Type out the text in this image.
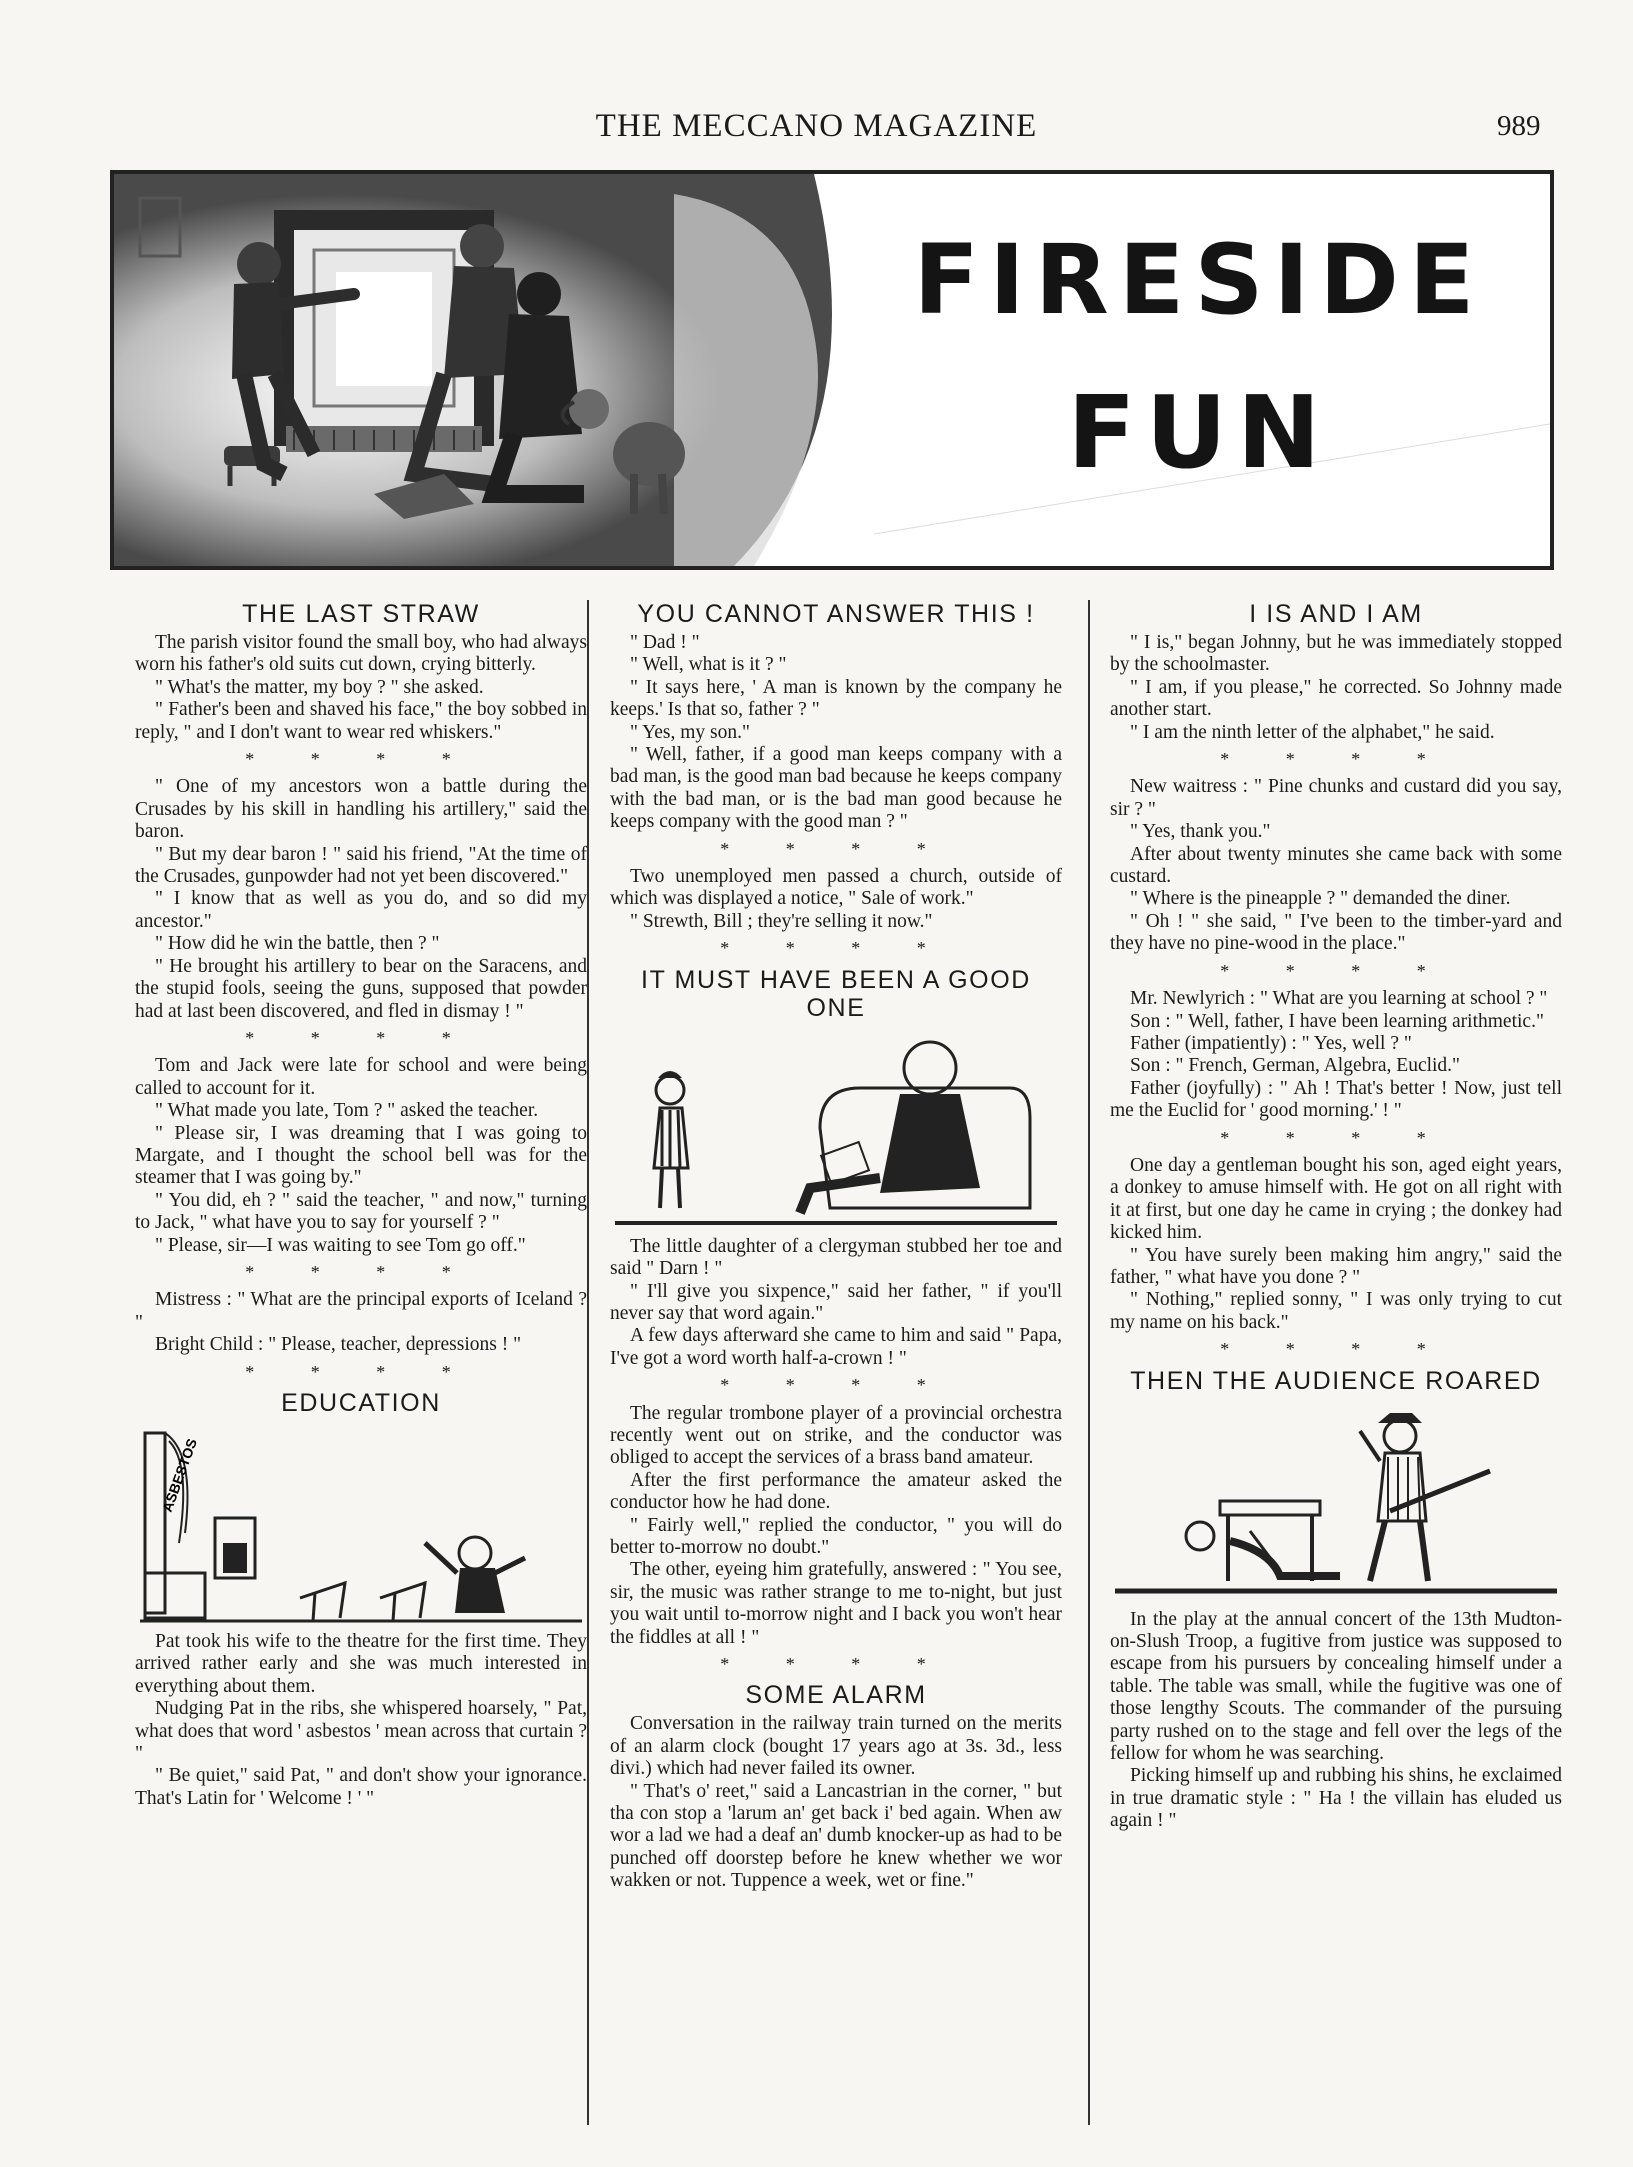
THE MECCANO MAGAZINE	989
FIRESIDE
FUN
THE LAST STRAW

The parish visitor found the small boy, who had always worn his father's old suits cut down, crying bitterly.

" What's the matter, my boy ? " she asked.

" Father's been and shaved his face," the boy sobbed in reply, " and I don't want to wear red whiskers."

* * * *

" One of my ancestors won a battle during the Crusades by his skill in handling his artillery," said the baron.

" But my dear baron ! " said his friend, "At the time of the Crusades, gunpowder had not yet been discovered."

" I know that as well as you do, and so did my ancestor."

" How did he win the battle, then ? "

" He brought his artillery to bear on the Saracens, and the stupid fools, seeing the guns, supposed that powder had at last been discovered, and fled in dismay ! "

* * * *

Tom and Jack were late for school and were being called to account for it.

" What made you late, Tom ? " asked the teacher.

" Please sir, I was dreaming that I was going to Margate, and I thought the school bell was for the steamer that I was going by."

" You did, eh ? " said the teacher, " and now," turning to Jack, " what have you to say for yourself ? "

" Please, sir—I was waiting to see Tom go off."

* * * *

Mistress : " What are the principal exports of Iceland ? "

Bright Child : " Please, teacher, depressions ! "

* * * *
EDUCATION
ASBESTOS

Pat took his wife to the theatre for the first time. They arrived rather early and she was much interested in everything about them.

Nudging Pat in the ribs, she whispered hoarsely, " Pat, what does that word ' asbestos ' mean across that curtain ? "

" Be quiet," said Pat, " and don't show your ignorance. That's Latin for ' Welcome ! ' "

YOU CANNOT ANSWER THIS !

" Dad ! "

" Well, what is it ? "

" It says here, ' A man is known by the company he keeps.' Is that so, father ? "

" Yes, my son."

" Well, father, if a good man keeps company with a bad man, is the good man bad because he keeps company with the bad man, or is the bad man good because he keeps company with the good man ? "

* * * *

Two unemployed men passed a church, outside of which was displayed a notice, " Sale of work."

" Strewth, Bill ; they're selling it now."

* * * *
IT MUST HAVE BEEN A GOOD ONE

The little daughter of a clergyman stubbed her toe and said " Darn ! "

" I'll give you sixpence," said her father, " if you'll never say that word again."

A few days afterward she came to him and said " Papa, I've got a word worth half-a-crown ! "

* * * *

The regular trombone player of a provincial orchestra recently went out on strike, and the conductor was obliged to accept the services of a brass band amateur.

After the first performance the amateur asked the conductor how he had done.

" Fairly well," replied the conductor, " you will do better to-morrow no doubt."

The other, eyeing him gratefully, answered : " You see, sir, the music was rather strange to me to-night, but just you wait until to-morrow night and I back you won't hear the fiddles at all ! "

* * * *
SOME ALARM

Conversation in the railway train turned on the merits of an alarm clock (bought 17 years ago at 3s. 3d., less divi.) which had never failed its owner.

" That's o' reet," said a Lancastrian in the corner, " but tha con stop a 'larum an' get back i' bed again. When aw wor a lad we had a deaf an' dumb knocker-up as had to be punched off doorstep before he knew whether we wor wakken or not. Tuppence a week, wet or fine."

I IS AND I AM

" I is," began Johnny, but he was immediately stopped by the schoolmaster.

" I am, if you please," he corrected. So Johnny made another start.

" I am the ninth letter of the alphabet," he said.

* * * *

New waitress : " Pine chunks and custard did you say, sir ? "

" Yes, thank you."

After about twenty minutes she came back with some custard.

" Where is the pineapple ? " demanded the diner.

" Oh ! " she said, " I've been to the timber-yard and they have no pine-wood in the place."

* * * *

Mr. Newlyrich : " What are you learning at school ? "

Son : " Well, father, I have been learning arithmetic."

Father (impatiently) : " Yes, well ? "

Son : " French, German, Algebra, Euclid."

Father (joyfully) : " Ah ! That's better ! Now, just tell me the Euclid for ' good morning.' ! "

* * * *

One day a gentleman bought his son, aged eight years, a donkey to amuse himself with. He got on all right with it at first, but one day he came in crying ; the donkey had kicked him.

" You have surely been making him angry," said the father, " what have you done ? "

" Nothing," replied sonny, " I was only trying to cut my name on his back."

* * * *
THEN THE AUDIENCE ROARED

In the play at the annual concert of the 13th Mudton-on-Slush Troop, a fugitive from justice was supposed to escape from his pursuers by concealing himself under a table. The table was small, while the fugitive was one of those lengthy Scouts. The commander of the pursuing party rushed on to the stage and fell over the legs of the fellow for whom he was searching.

Picking himself up and rubbing his shins, he exclaimed in true dramatic style : " Ha ! the villain has eluded us again ! "
